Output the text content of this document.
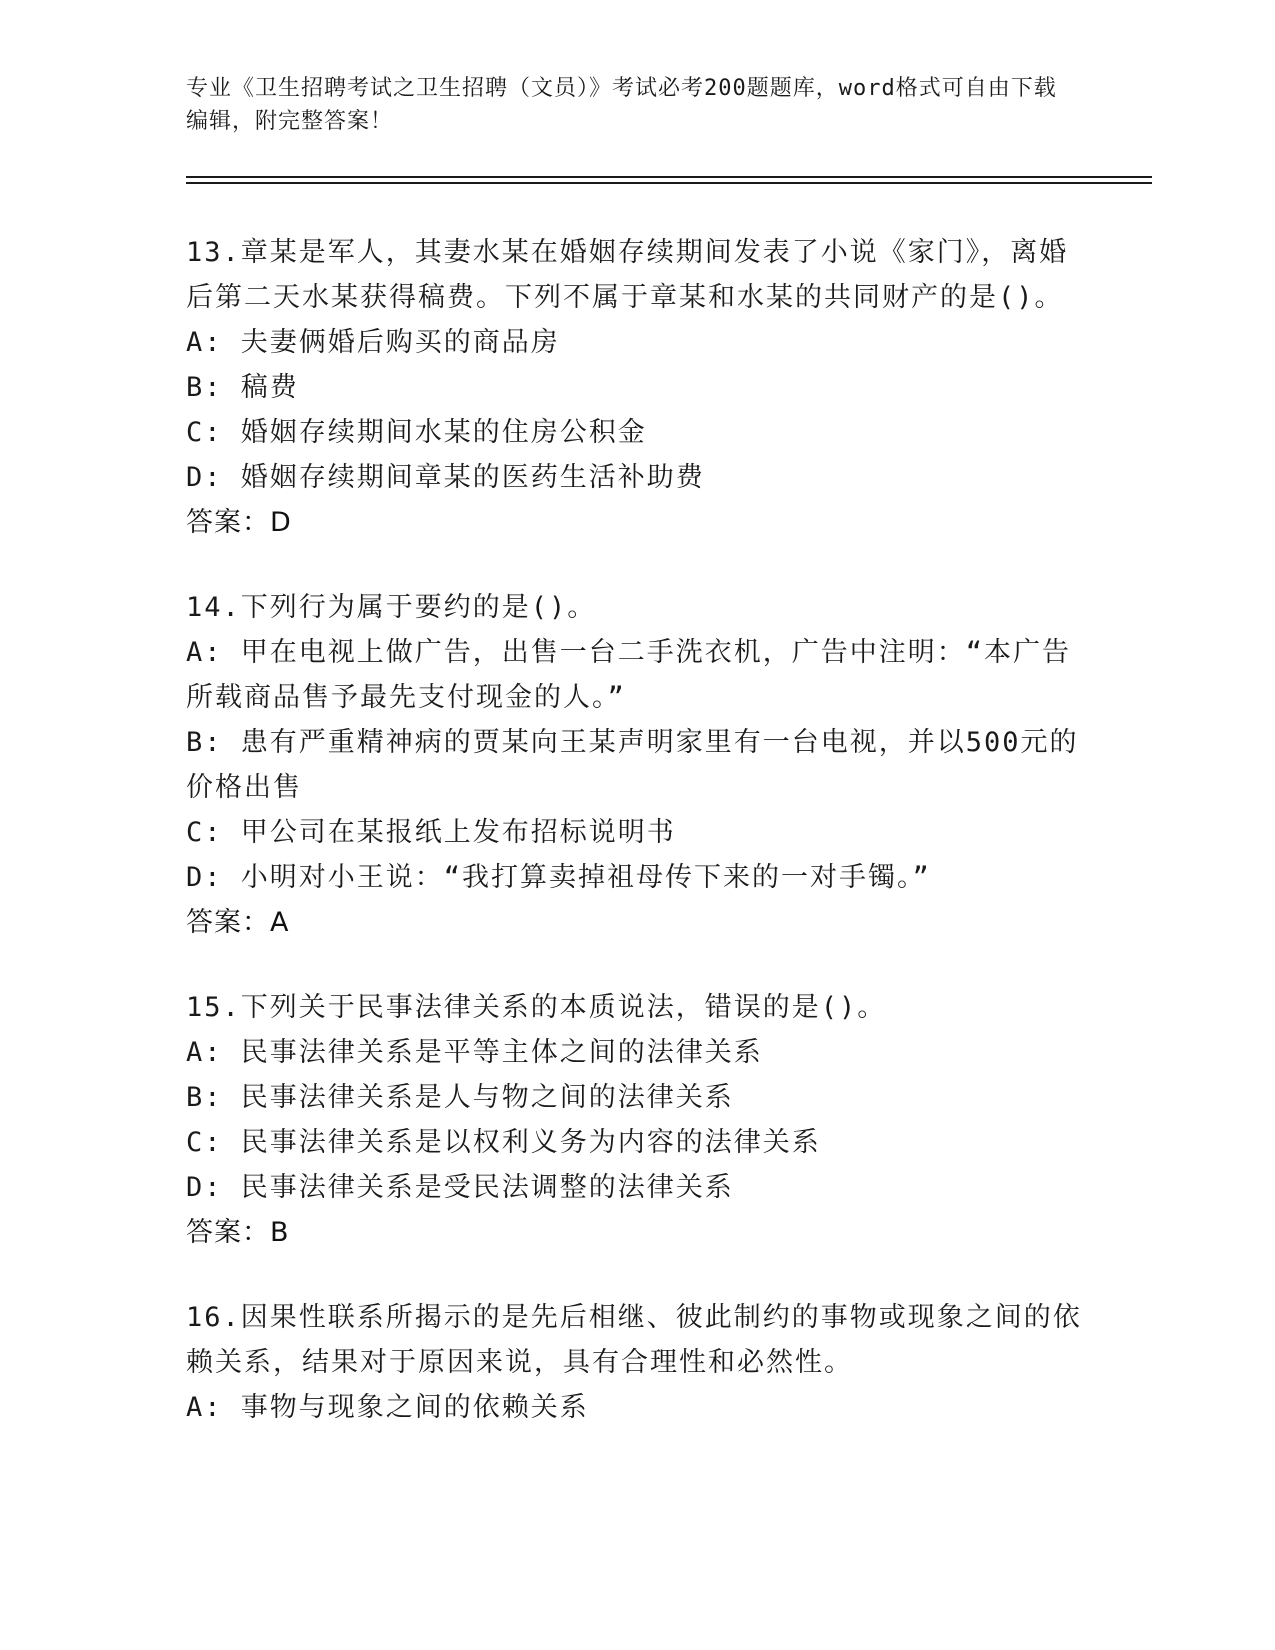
专业《卫生招聘考试之卫生招聘（文员）》考试必考200题题库，word格式可自由下载编辑，附完整答案！

13.章某是军人，其妻水某在婚姻存续期间发表了小说《家门》，离婚后第二天水某获得稿费。下列不属于章某和水某的共同财产的是()。

A: 夫妻俩婚后购买的商品房

B: 稿费

C: 婚姻存续期间水某的住房公积金

D: 婚姻存续期间章某的医药生活补助费

答案：D

14.下列行为属于要约的是()。

A: 甲在电视上做广告，出售一台二手洗衣机，广告中注明：“本广告所载商品售予最先支付现金的人。”

B: 患有严重精神病的贾某向王某声明家里有一台电视，并以500元的价格出售

C: 甲公司在某报纸上发布招标说明书

D: 小明对小王说：“我打算卖掉祖母传下来的一对手镯。”

答案：A

15.下列关于民事法律关系的本质说法，错误的是()。

A: 民事法律关系是平等主体之间的法律关系

B: 民事法律关系是人与物之间的法律关系

C: 民事法律关系是以权利义务为内容的法律关系

D: 民事法律关系是受民法调整的法律关系

答案：B

16.因果性联系所揭示的是先后相继、彼此制约的事物或现象之间的依赖关系，结果对于原因来说，具有合理性和必然性。

A: 事物与现象之间的依赖关系
